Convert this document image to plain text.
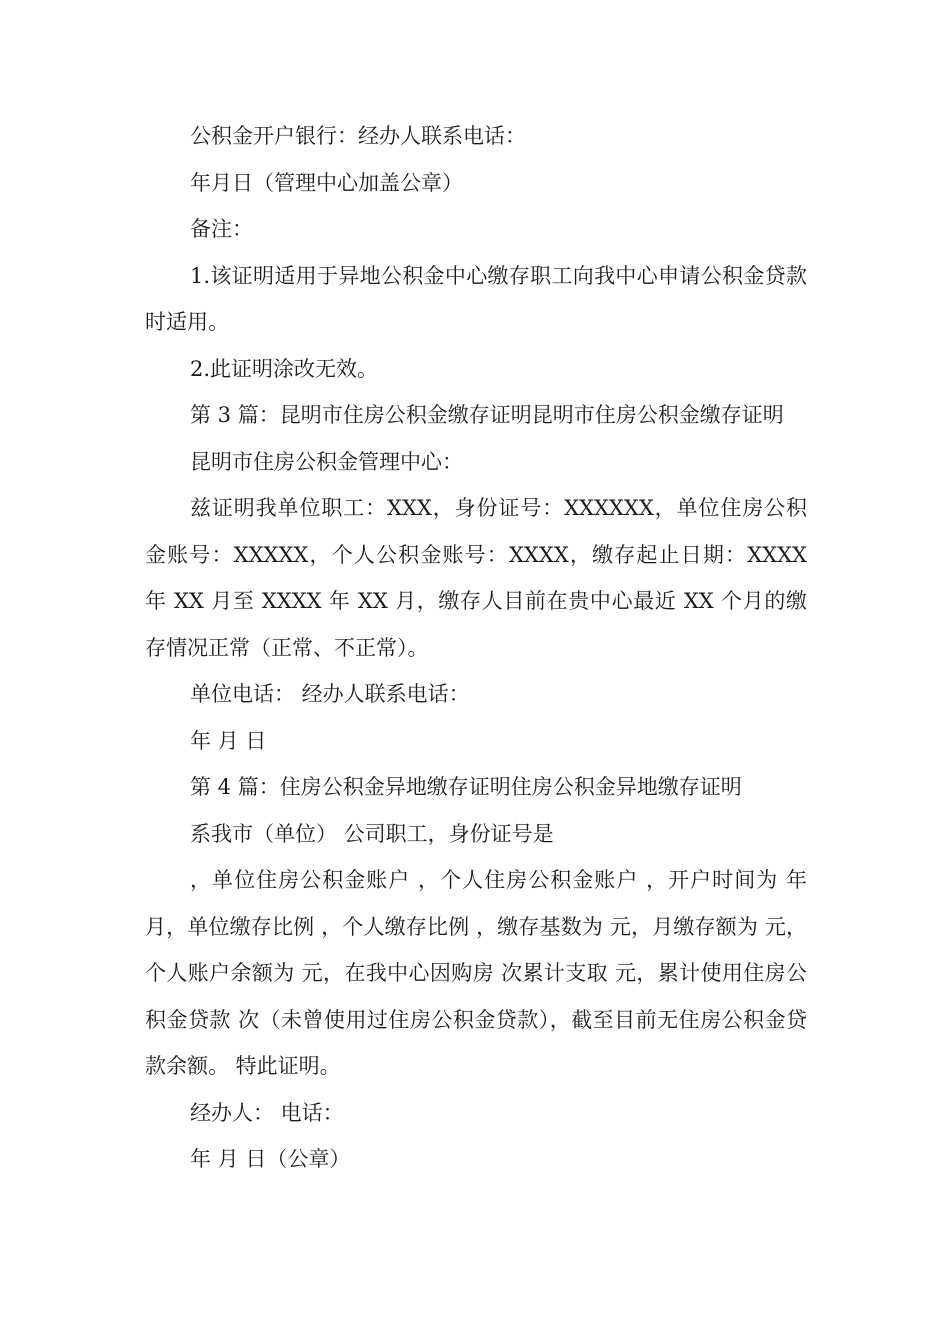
公积金开户银行：经办人联系电话：

年月日（管理中心加盖公章）

备注：

1.该证明适用于异地公积金中心缴存职工向我中心申请公积金贷款时适用。

2.此证明涂改无效。

第 3 篇：昆明市住房公积金缴存证明昆明市住房公积金缴存证明

昆明市住房公积金管理中心：

兹证明我单位职工：XXX，身份证号：XXXXXX，单位住房公积金账号：XXXXX，个人公积金账号：XXXX，缴存起止日期：XXXX 年 XX 月至 XXXX 年 XX 月，缴存人目前在贵中心最近 XX 个月的缴存情况正常（正常、不正常）。

单位电话： 经办人联系电话：

年 月 日

第 4 篇：住房公积金异地缴存证明住房公积金异地缴存证明

系我市（单位） 公司职工，身份证号是

，单位住房公积金账户 ，个人住房公积金账户 ，开户时间为 年 月，单位缴存比例 ，个人缴存比例 ，缴存基数为 元，月缴存额为 元，个人账户余额为 元，在我中心因购房 次累计支取 元，累计使用住房公积金贷款 次（未曾使用过住房公积金贷款），截至目前无住房公积金贷款余额。 特此证明。

经办人： 电话：

年 月 日（公章）
